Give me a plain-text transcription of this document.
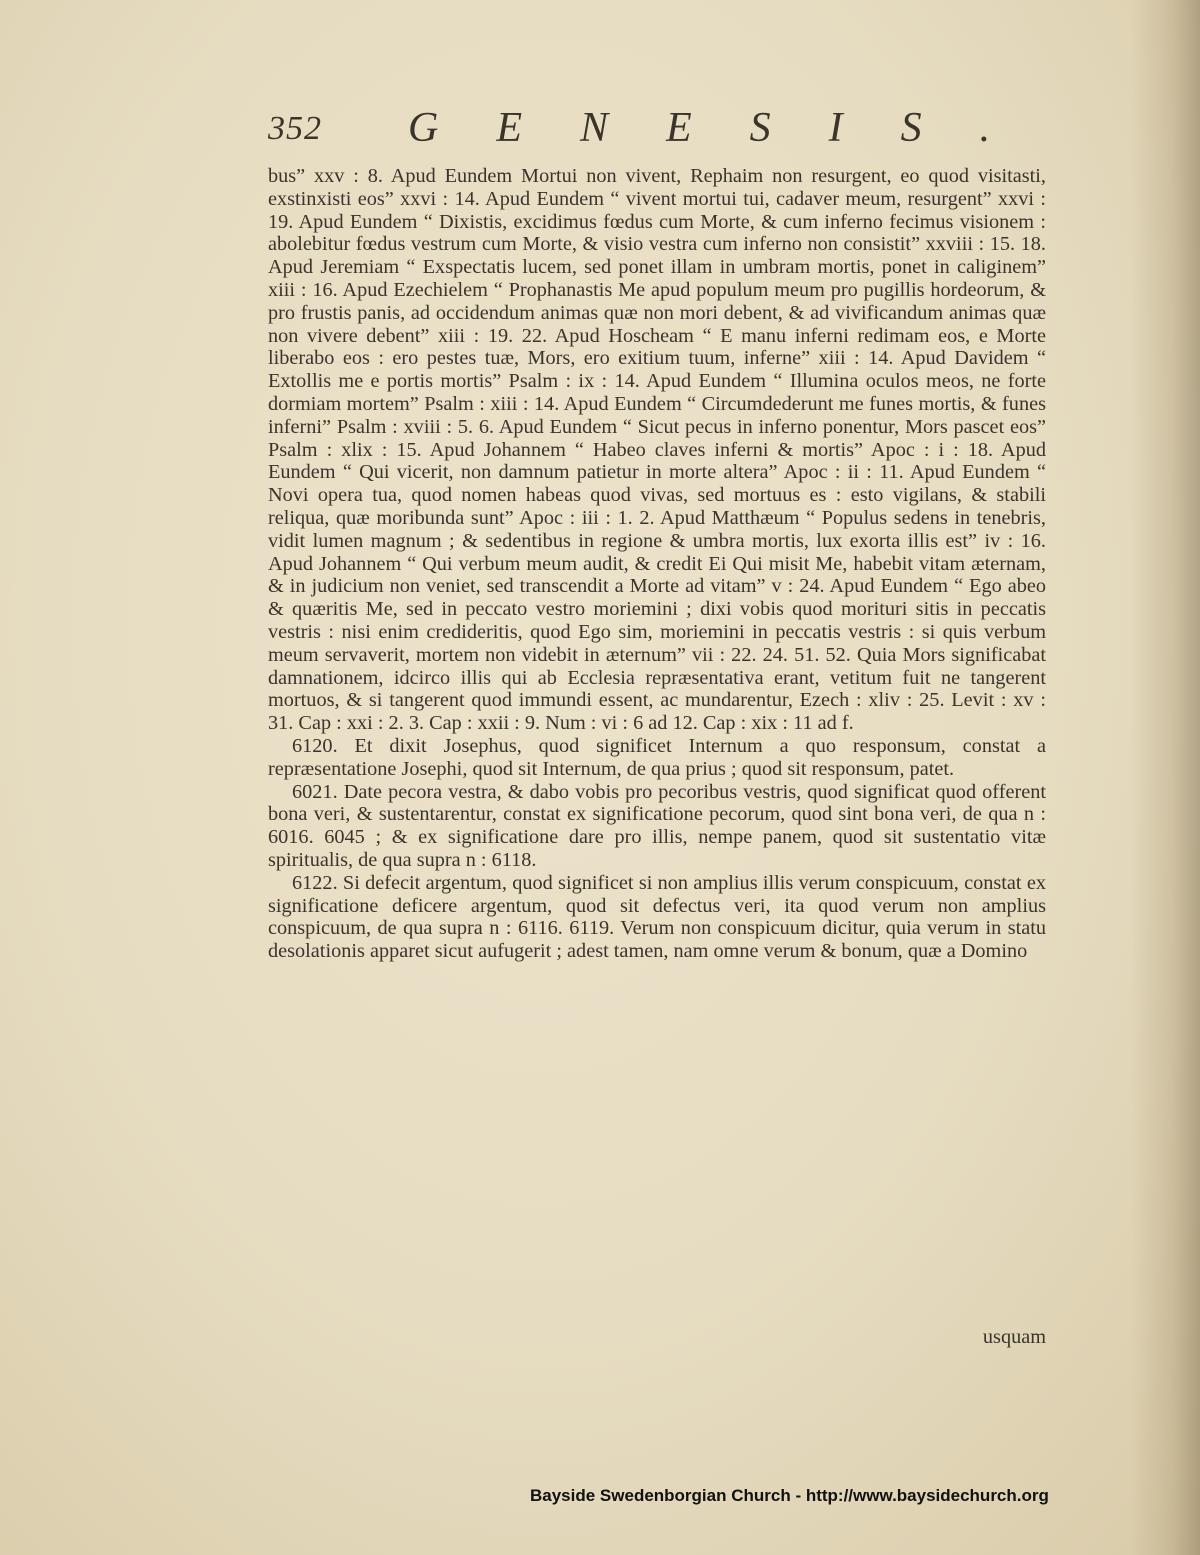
352 GENESIS.

bus” xxv : 8. Apud Eundem Mortui non vivent, Rephaim non resurgent, eo quod visitasti, exstinxisti eos” xxvi : 14. Apud Eundem “ vivent mortui tui, cadaver meum, resurgent” xxvi : 19. Apud Eundem “ Dixistis, excidimus fœdus cum Morte, & cum inferno fecimus visionem : abolebitur fœdus vestrum cum Morte, & visio vestra cum inferno non consistit” xxviii : 15. 18. Apud Jeremiam “ Exspectatis lucem, sed ponet illam in umbram mortis, ponet in caliginem” xiii : 16. Apud Ezechielem “ Prophanastis Me apud populum meum pro pugillis hordeorum, & pro frustis panis, ad occidendum animas quæ non mori debent, & ad vivificandum animas quæ non vivere debent” xiii : 19. 22. Apud Hoscheam “ E manu inferni redimam eos, e Morte liberabo eos : ero pestes tuæ, Mors, ero exitium tuum, inferne” xiii : 14. Apud Davidem “ Extollis me e portis mortis” Psalm : ix : 14. Apud Eundem “ Illumina oculos meos, ne forte dormiam mortem” Psalm : xiii : 14. Apud Eundem “ Circumdederunt me funes mortis, & funes inferni” Psalm : xviii : 5. 6. Apud Eundem “ Sicut pecus in inferno ponentur, Mors pascet eos” Psalm : xlix : 15. Apud Johannem “ Habeo claves inferni & mortis” Apoc : i : 18. Apud Eundem “ Qui vicerit, non damnum patietur in morte altera” Apoc : ii : 11. Apud Eundem “ Novi opera tua, quod nomen habeas quod vivas, sed mortuus es : esto vigilans, & stabili reliqua, quæ moribunda sunt” Apoc : iii : 1. 2. Apud Matthæum “ Populus sedens in tenebris, vidit lumen magnum ; & sedentibus in regione & umbra mortis, lux exorta illis est” iv : 16. Apud Johannem “ Qui verbum meum audit, & credit Ei Qui misit Me, habebit vitam æternam, & in judicium non veniet, sed transcendit a Morte ad vitam” v : 24. Apud Eundem “ Ego abeo & quæritis Me, sed in peccato vestro moriemini ; dixi vobis quod morituri sitis in peccatis vestris : nisi enim credideritis, quod Ego sim, moriemini in peccatis vestris : si quis verbum meum servaverit, mortem non videbit in æternum” vii : 22. 24. 51. 52. Quia Mors significabat damnationem, idcirco illis qui ab Ecclesia repræsentativa erant, vetitum fuit ne tangerent mortuos, & si tangerent quod immundi essent, ac mundarentur, Ezech : xliv : 25. Levit : xv : 31. Cap : xxi : 2. 3. Cap : xxii : 9. Num : vi : 6 ad 12. Cap : xix : 11 ad f.

6120. Et dixit Josephus, quod significet Internum a quo responsum, constat a repræsentatione Josephi, quod sit Internum, de qua prius ; quod sit responsum, patet.

6021. Date pecora vestra, & dabo vobis pro pecoribus vestris, quod significat quod offerent bona veri, & sustentarentur, constat ex significatione pecorum, quod sint bona veri, de qua n : 6016. 6045 ; & ex significatione dare pro illis, nempe panem, quod sit sustentatio vitæ spiritualis, de qua supra n : 6118.

6122. Si defecit argentum, quod significet si non amplius illis verum conspicuum, constat ex significatione deficere argentum, quod sit defectus veri, ita quod verum non amplius conspicuum, de qua supra n : 6116. 6119. Verum non conspicuum dicitur, quia verum in statu desolationis apparet sicut aufugerit ; adest tamen, nam omne verum & bonum, quæ a Domino

usquam
Bayside Swedenborgian Church - http://www.baysidechurch.org
